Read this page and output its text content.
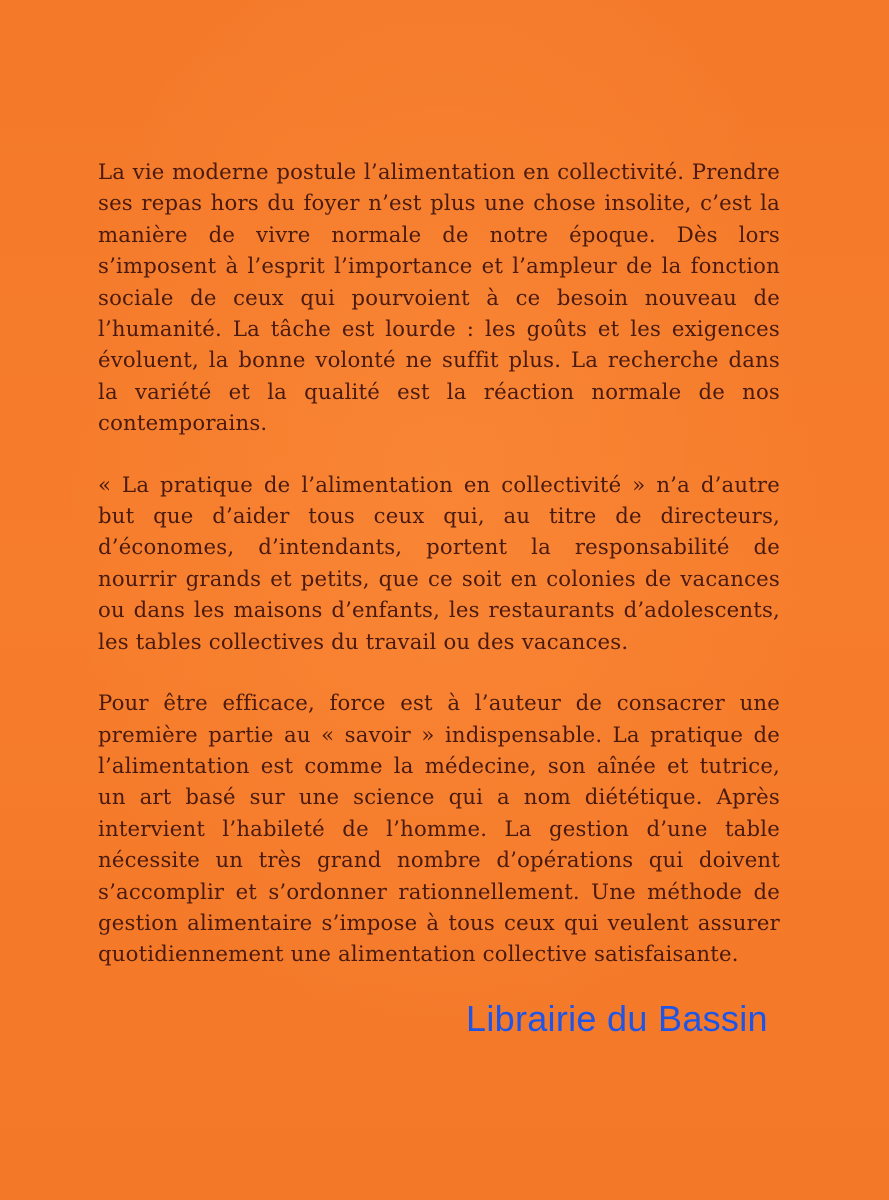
La vie moderne postule l’alimentation en collectivité. Prendre ses repas hors du foyer n’est plus une chose insolite, c’est la manière de vivre normale de notre époque. Dès lors s’imposent à l’esprit l’importance et l’ampleur de la fonction sociale de ceux qui pourvoient à ce besoin nouveau de l’humanité. La tâche est lourde : les goûts et les exigences évoluent, la bonne volonté ne suffit plus. La recherche dans la variété et la qualité est la réaction normale de nos contemporains.

« La pratique de l’alimentation en collectivité » n’a d’autre but que d’aider tous ceux qui, au titre de directeurs, d’économes, d’intendants, portent la responsabilité de nourrir grands et petits, que ce soit en colonies de vacances ou dans les maisons d’enfants, les restaurants d’adolescents, les tables collectives du travail ou des vacances.

Pour être efficace, force est à l’auteur de consacrer une première partie au « savoir » indispensable. La pratique de l’alimentation est comme la médecine, son aînée et tutrice, un art basé sur une science qui a nom diététique. Après intervient l’habileté de l’homme. La gestion d’une table nécessite un très grand nombre d’opérations qui doivent s’accomplir et s’ordonner rationnellement. Une méthode de gestion alimentaire s’impose à tous ceux qui veulent assurer quotidiennement une alimentation collective satisfaisante.

Librairie du Bassin
